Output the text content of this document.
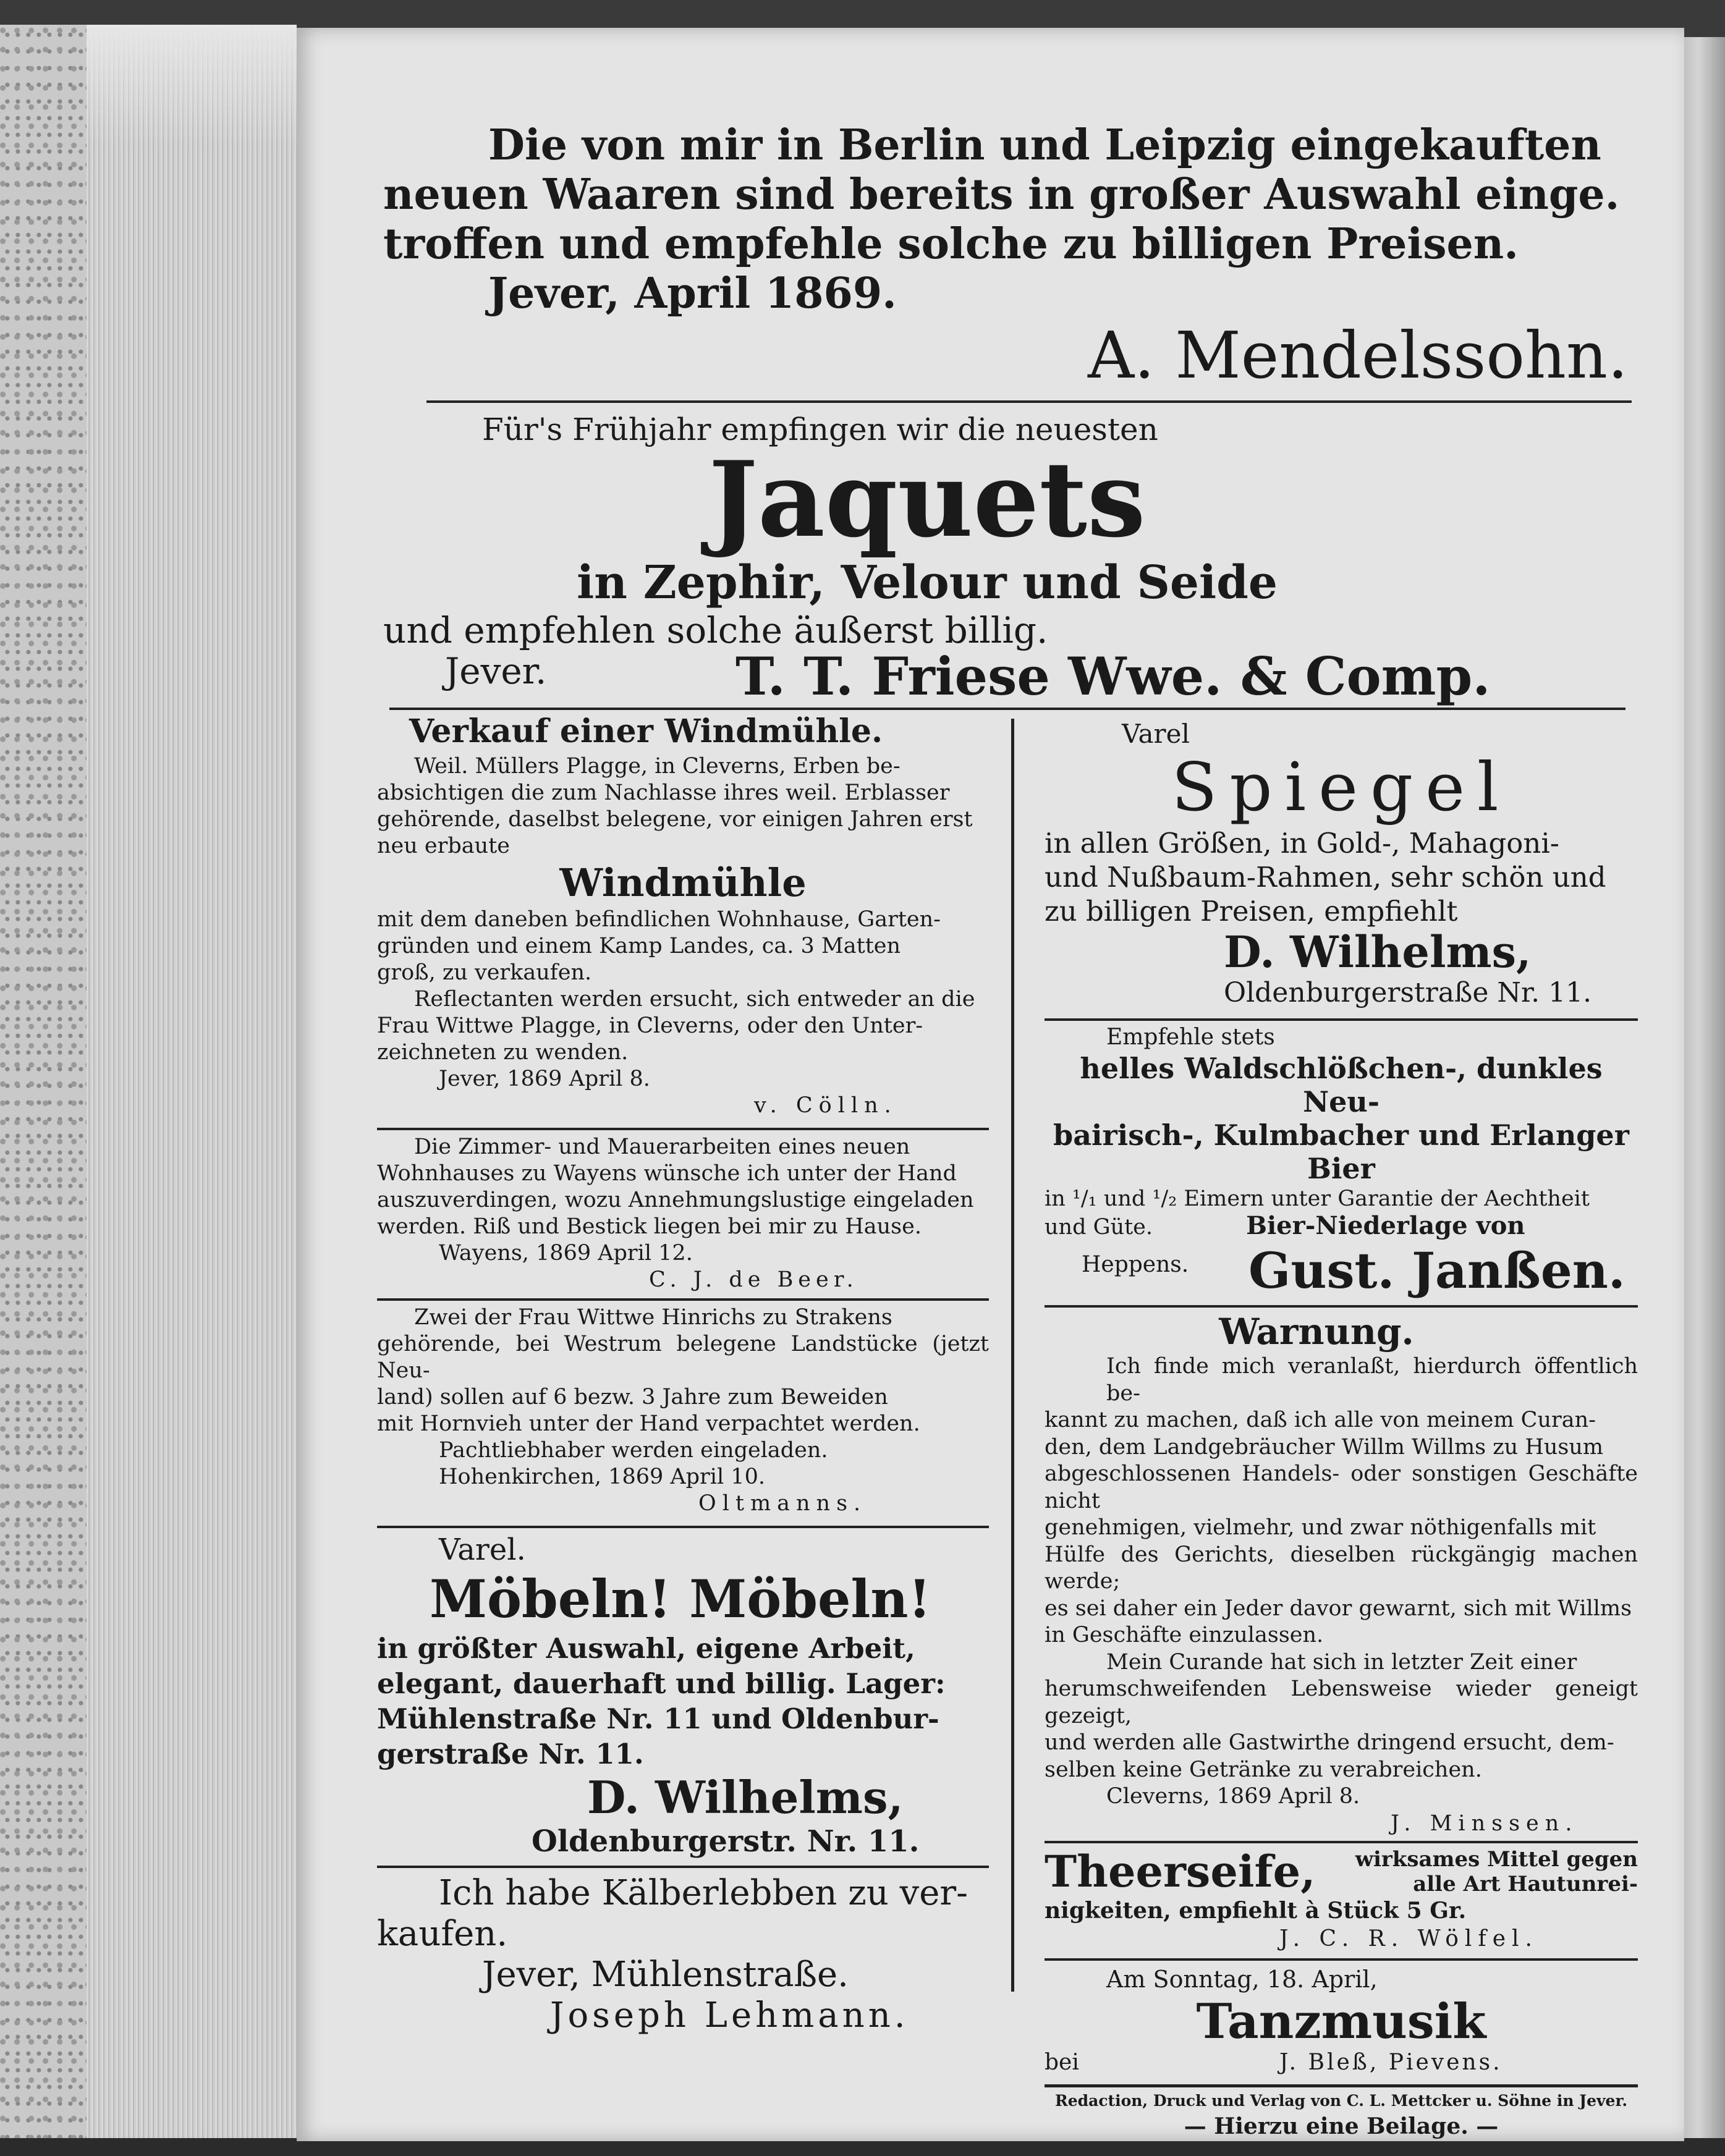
Die von mir in Berlin und Leipzig eingekauften

neuen Waaren sind bereits in großer Auswahl einge.

troffen und empfehle solche zu billigen Preisen.

Jever, April 1869.

A. Mendelssohn.
Für's Frühjahr empfingen wir die neuesten
Jaquets
in Zephir, Velour und Seide
und empfehlen solche äußerst billig.
Jever.	T. T. Friese Wwe. & Comp.
Verkauf einer Windmühle.

Weil. Müllers Plagge, in Cleverns, Erben be-

absichtigen die zum Nachlasse ihres weil. Erblasser

gehörende, daselbst belegene, vor einigen Jahren erst

neu erbaute

Windmühle

mit dem daneben befindlichen Wohnhause, Garten-

gründen und einem Kamp Landes, ca. 3 Matten

groß, zu verkaufen.

Reflectanten werden ersucht, sich entweder an die

Frau Wittwe Plagge, in Cleverns, oder den Unter-

zeichneten zu wenden.

Jever, 1869 April 8.

v. Cölln.

Die Zimmer- und Mauerarbeiten eines neuen

Wohnhauses zu Wayens wünsche ich unter der Hand

auszuverdingen, wozu Annehmungslustige eingeladen

werden. Riß und Bestick liegen bei mir zu Hause.

Wayens, 1869 April 12.

C. J. de Beer.

Zwei der Frau Wittwe Hinrichs zu Strakens

gehörende, bei Westrum belegene Landstücke (jetzt Neu-

land) sollen auf 6 bezw. 3 Jahre zum Beweiden

mit Hornvieh unter der Hand verpachtet werden.

Pachtliebhaber werden eingeladen.

Hohenkirchen, 1869 April 10.

Oltmanns.

Varel.
Möbeln! Möbeln!

in größter Auswahl, eigene Arbeit,

elegant, dauerhaft und billig. Lager:

Mühlenstraße Nr. 11 und Oldenbur-

gerstraße Nr. 11.

D. Wilhelms,
Oldenburgerstr. Nr. 11.

Ich habe Kälberlebben zu ver-

kaufen.

Jever, Mühlenstraße.

Joseph Lehmann.

Varel
Spiegel

in allen Größen, in Gold-, Mahagoni-

und Nußbaum-Rahmen, sehr schön und

zu billigen Preisen, empfiehlt

D. Wilhelms,
Oldenburgerstraße Nr. 11.
Empfehle stets

helles Waldschlößchen-, dunkles Neu-

bairisch-, Kulmbacher und Erlanger

Bier

in ¹/₁ und ¹/₂ Eimern unter Garantie der Aechtheit

und Güte.	Bier-Niederlage von

Heppens. Gust. Janßen.
Warnung.

Ich finde mich veranlaßt, hierdurch öffentlich be-

kannt zu machen, daß ich alle von meinem Curan-

den, dem Landgebräucher Willm Willms zu Husum

abgeschlossenen Handels- oder sonstigen Geschäfte nicht

genehmigen, vielmehr, und zwar nöthigenfalls mit

Hülfe des Gerichts, dieselben rückgängig machen werde;

es sei daher ein Jeder davor gewarnt, sich mit Willms

in Geschäfte einzulassen.

Mein Curande hat sich in letzter Zeit einer

herumschweifenden Lebensweise wieder geneigt gezeigt,

und werden alle Gastwirthe dringend ersucht, dem-

selben keine Getränke zu verabreichen.

Cleverns, 1869 April 8.

J. Minssen.

Theerseife, wirksames Mittel gegen
alle Art Hautunrei-
nigkeiten, empfiehlt à Stück 5 Gr.
J. C. R. Wölfel.
Am Sonntag, 18. April,
Tanzmusik
bei	J. Bleß, Pievens.
Redaction, Druck und Verlag von C. L. Mettcker u. Söhne in Jever.
— Hierzu eine Beilage. —
